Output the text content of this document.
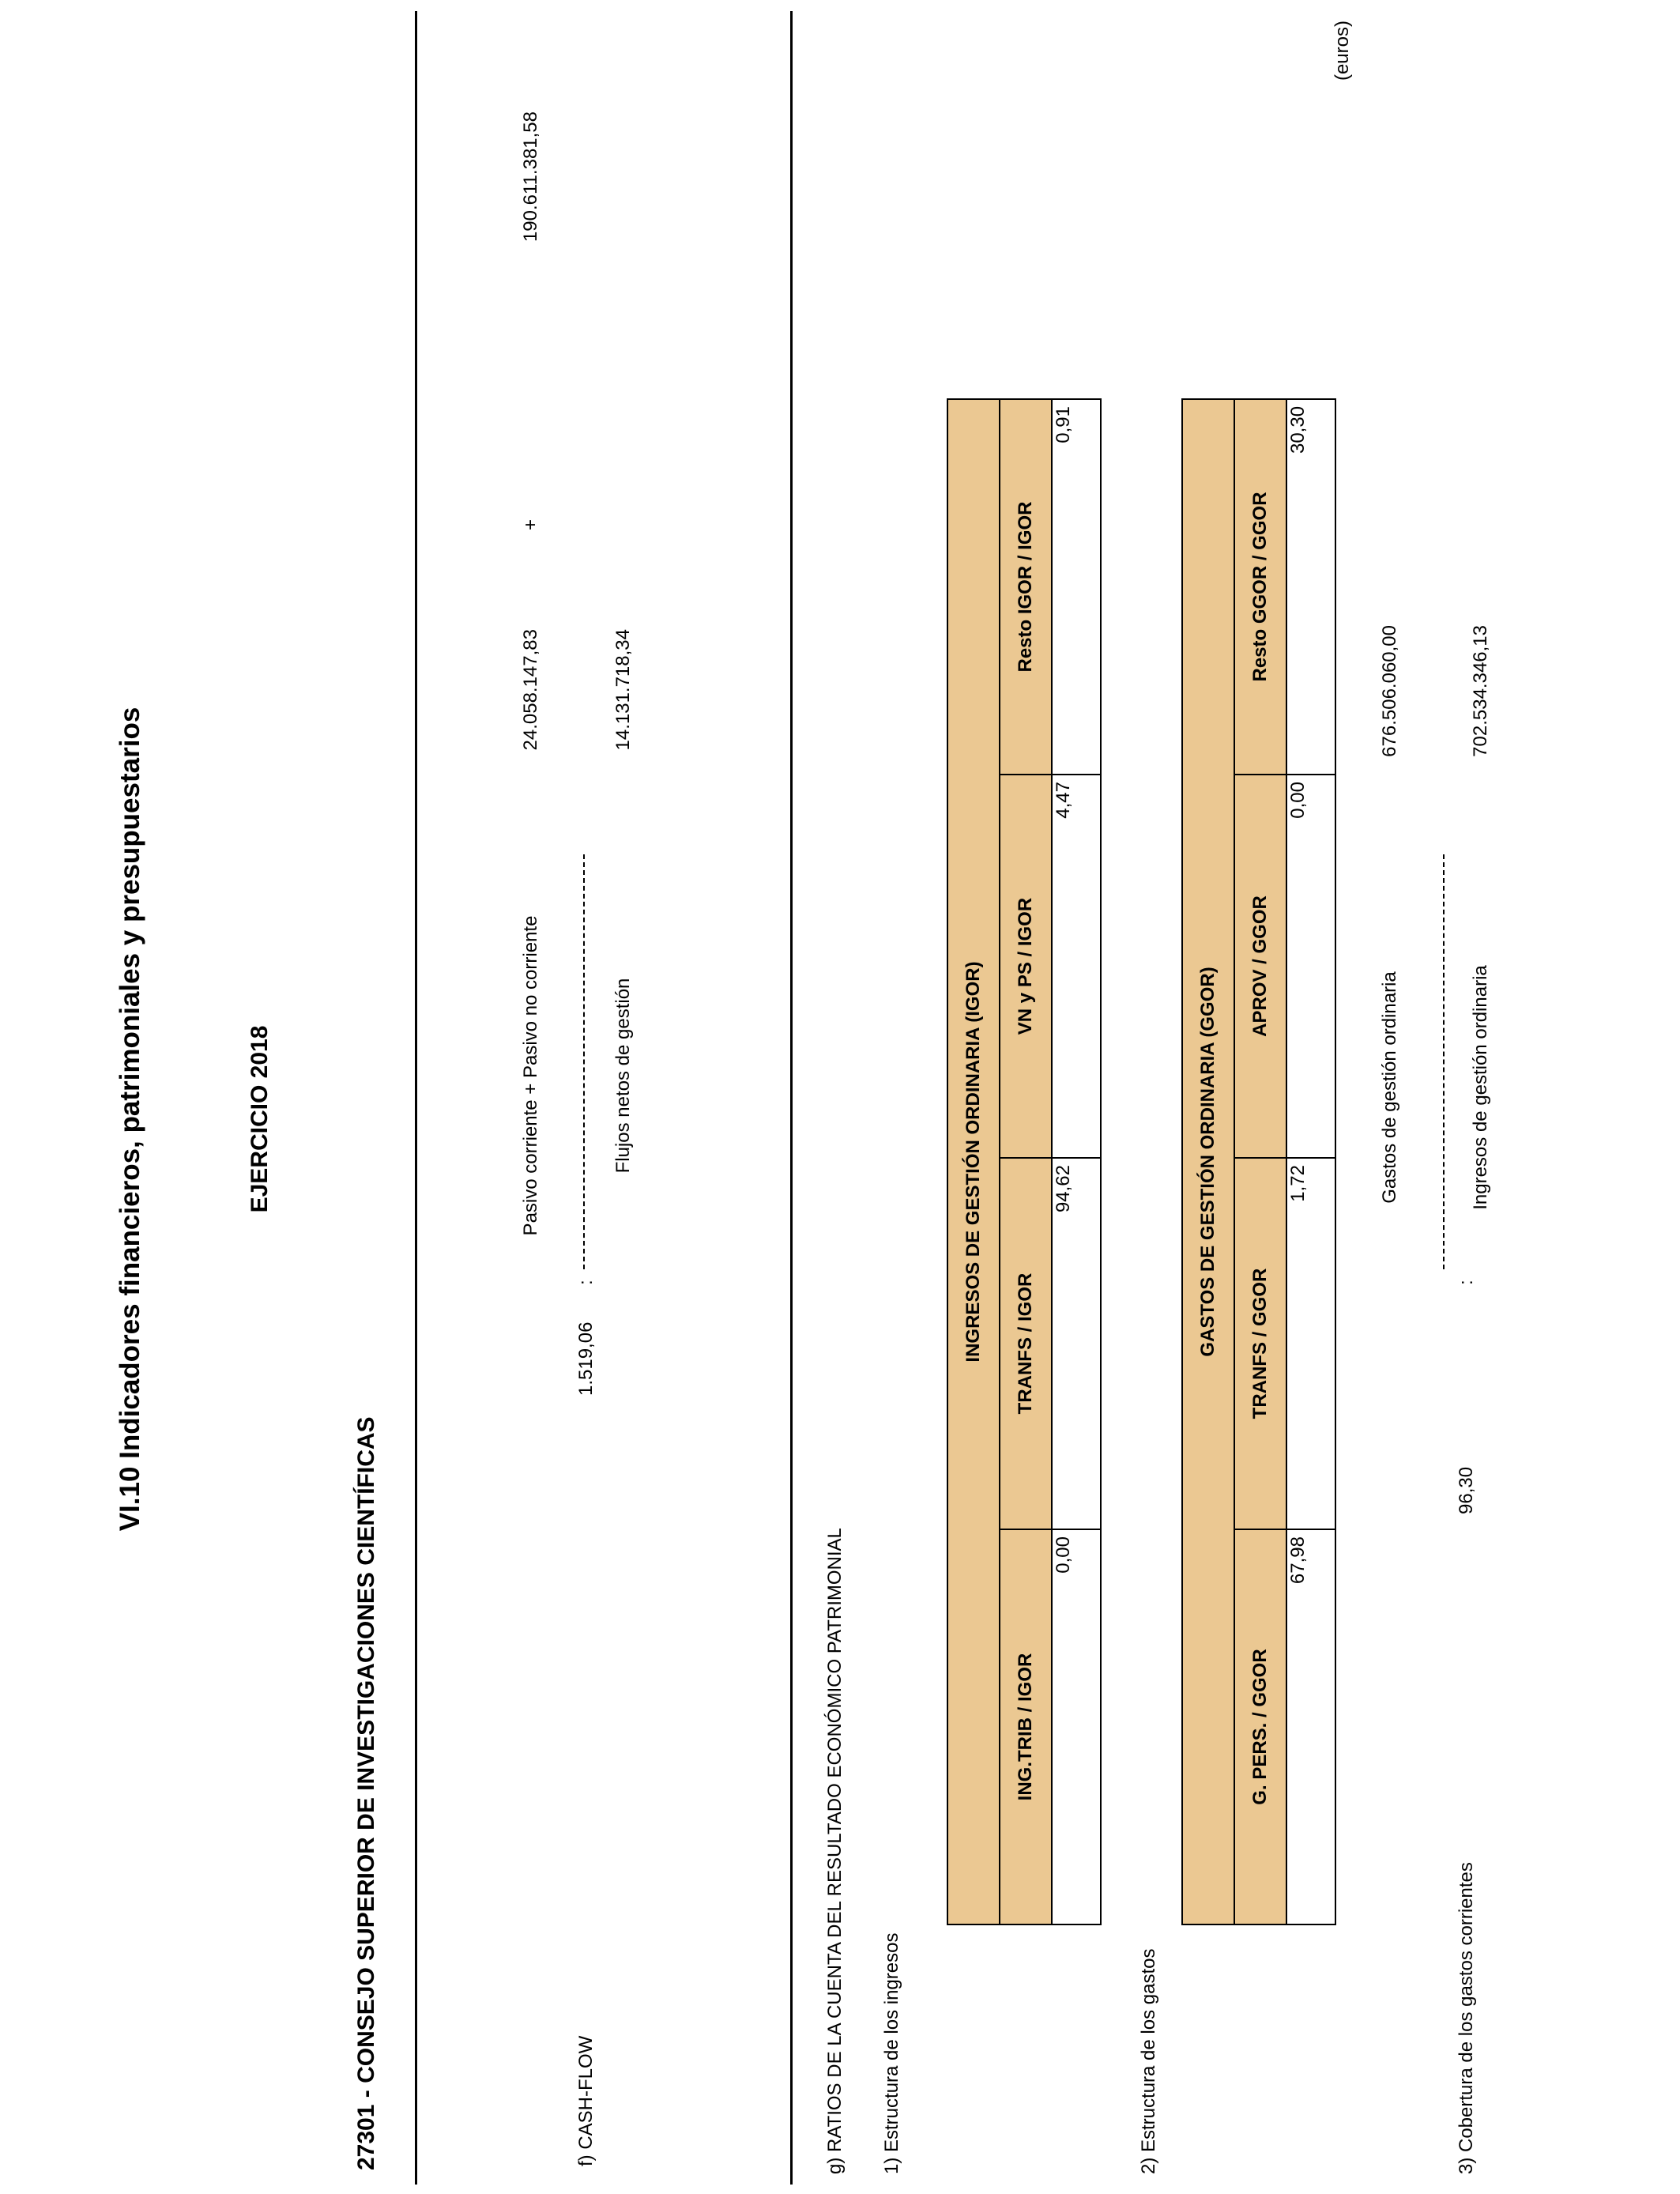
VI.10 Indicadores financieros, patrimoniales y presupuestarios	EJERCICIO 2018
27301 - CONSEJO SUPERIOR DE INVESTIGACIONES CIENTÍFICAS
(euros)
f) CASH-FLOW
1.519,06
:
Pasivo corriente + Pasivo no corriente
24.058.147,83
+
190.611.381,58
Flujos netos de gestión
14.131.718,34
g) RATIOS DE LA CUENTA DEL RESULTADO ECONÓMICO PATRIMONIAL 1) Estructura de los ingresos
INGRESOS DE GESTIÓN ORDINARIA (IGOR)			
ING.TRIB / IGOR	TRANFS / IGOR	VN y PS / IGOR	Resto IGOR / IGOR
0,00	94,62	4,47	0,91
2) Estructura de los gastos
GASTOS DE GESTIÓN ORDINARIA (GGOR)			
G. PERS. / GGOR	TRANFS / GGOR	APROV / GGOR	Resto GGOR / GGOR
67,98	1,72	0,00	30,30
3) Cobertura de los gastos corrientes
96,30
:
Gastos de gestión ordinaria
676.506.060,00
Ingresos de gestión ordinaria
702.534.346,13
